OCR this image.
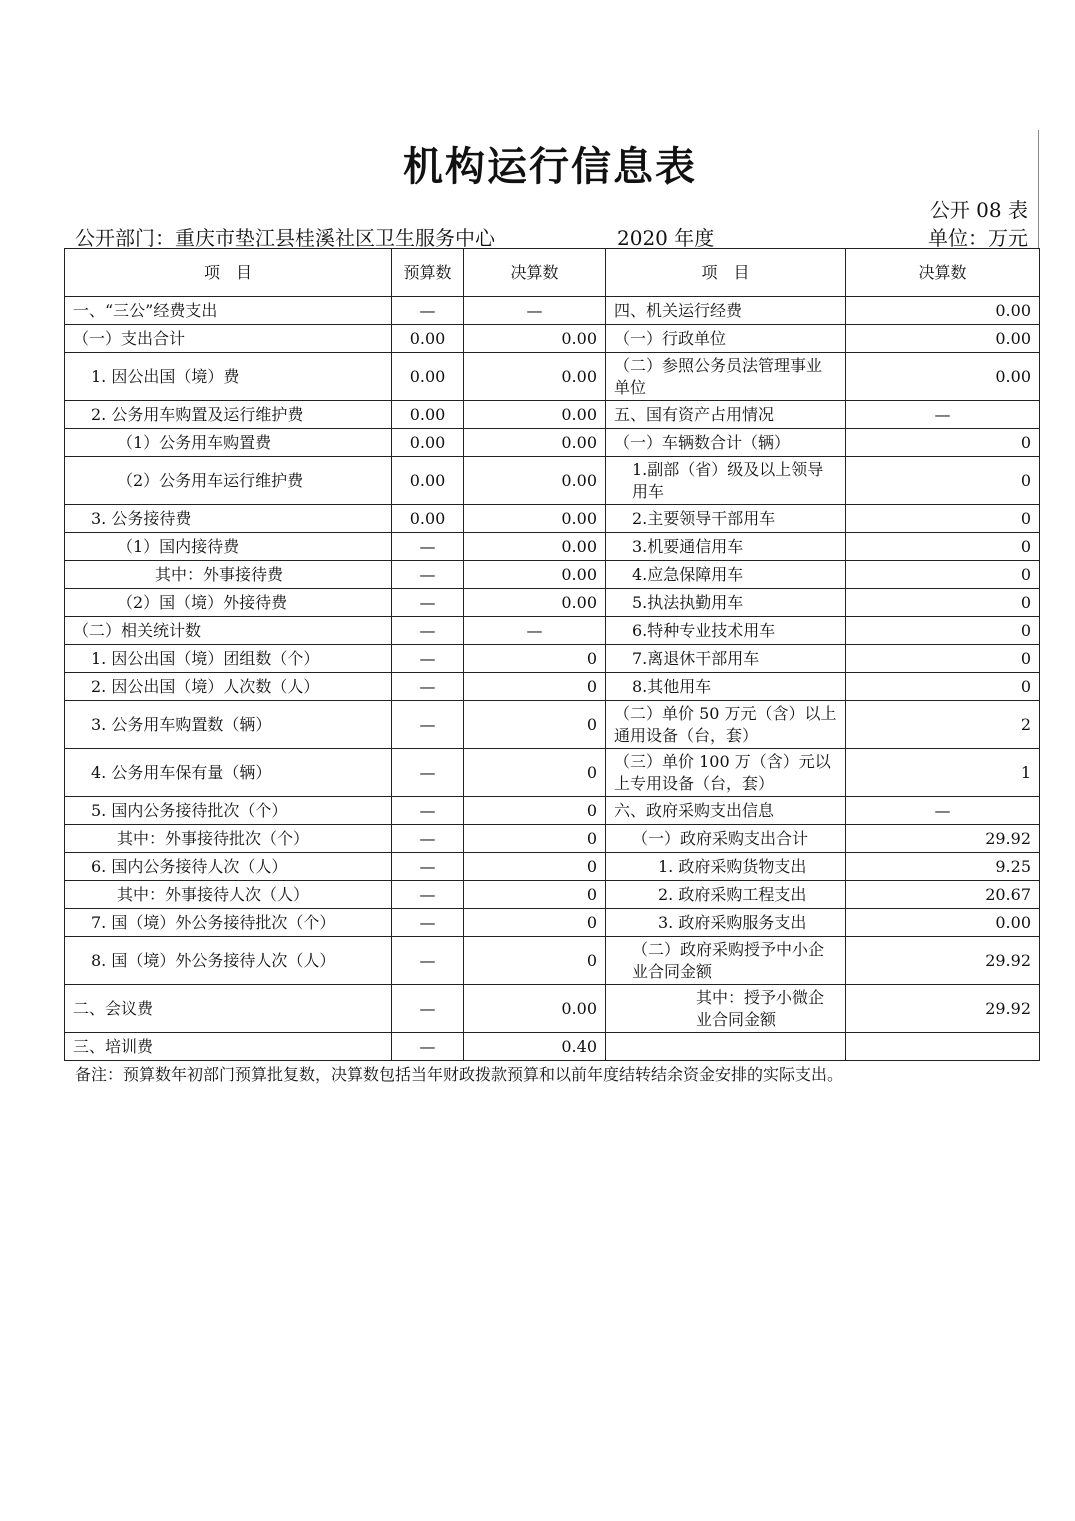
机构运行信息表
公开 08 表
公开部门：重庆市垫江县桂溪社区卫生服务中心	2020 年度	单位：万元
项　目	预算数	决算数	项　目	决算数
一、“三公”经费支出	—	—	四、机关运行经费	0.00
（一）支出合计	0.00	0.00	（一）行政单位	0.00
1. 因公出国（境）费	0.00	0.00	（二）参照公务员法管理事业单位	0.00
2. 公务用车购置及运行维护费	0.00	0.00	五、国有资产占用情况	—
（1）公务用车购置费	0.00	0.00	（一）车辆数合计（辆）	0
（2）公务用车运行维护费	0.00	0.00	1.副部（省）级及以上领导用车	0
3. 公务接待费	0.00	0.00	2.主要领导干部用车	0
（1）国内接待费	—	0.00	3.机要通信用车	0
其中：外事接待费	—	0.00	4.应急保障用车	0
（2）国（境）外接待费	—	0.00	5.执法执勤用车	0
（二）相关统计数	—	—	6.特种专业技术用车	0
1. 因公出国（境）团组数（个）	—	0	7.离退休干部用车	0
2. 因公出国（境）人次数（人）	—	0	8.其他用车	0
3. 公务用车购置数（辆）	—	0	（二）单价 50 万元（含）以上通用设备（台，套）	2
4. 公务用车保有量（辆）	—	0	（三）单价 100 万（含）元以上专用设备（台，套）	1
5. 国内公务接待批次（个）	—	0	六、政府采购支出信息	—
其中：外事接待批次（个）	—	0	（一）政府采购支出合计	29.92
6. 国内公务接待人次（人）	—	0	1. 政府采购货物支出	9.25
其中：外事接待人次（人）	—	0	2. 政府采购工程支出	20.67
7. 国（境）外公务接待批次（个）	—	0	3. 政府采购服务支出	0.00
8. 国（境）外公务接待人次（人）	—	0	（二）政府采购授予中小企业合同金额	29.92
二、会议费	—	0.00	其中：授予小微企业合同金额	29.92
三、培训费	—	0.40		
备注：预算数年初部门预算批复数，决算数包括当年财政拨款预算和以前年度结转结余资金安排的实际支出。
